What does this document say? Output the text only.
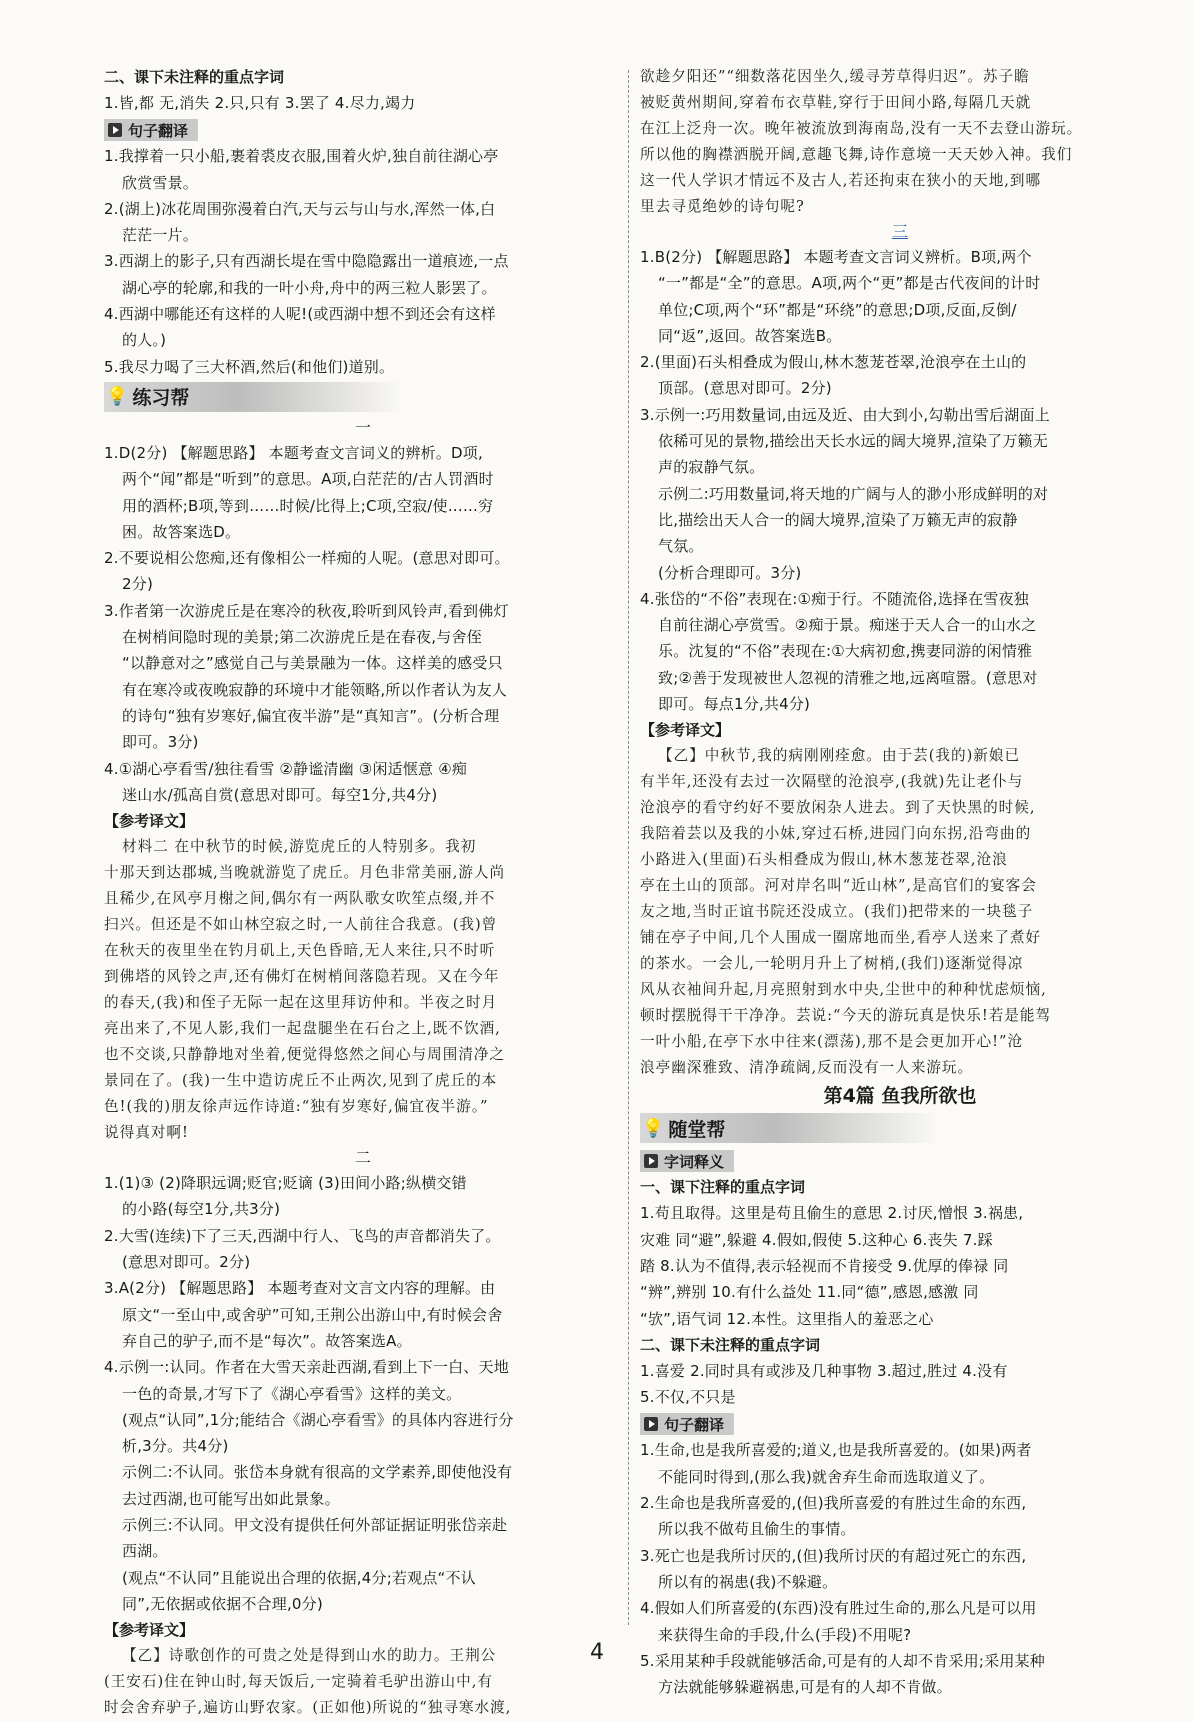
二、课下未注释的重点字词
1.皆,都 无,消失 2.只,只有 3.罢了 4.尽力,竭力
句子翻译
1.我撑着一只小船,裹着裘皮衣服,围着火炉,独自前往湖心亭
欣赏雪景。
2.(湖上)冰花周围弥漫着白汽,天与云与山与水,浑然一体,白
茫茫一片。
3.西湖上的影子,只有西湖长堤在雪中隐隐露出一道痕迹,一点
湖心亭的轮廓,和我的一叶小舟,舟中的两三粒人影罢了。
4.西湖中哪能还有这样的人呢!(或西湖中想不到还会有这样
的人。)
5.我尽力喝了三大杯酒,然后(和他们)道别。
💡 练习帮
一
1.D(2分) 【解题思路】 本题考查文言词义的辨析。D项,
两个“闻”都是“听到”的意思。A项,白茫茫的/古人罚酒时
用的酒杯;B项,等到……时候/比得上;C项,空寂/使……穷
困。故答案选D。
2.不要说相公您痴,还有像相公一样痴的人呢。(意思对即可。
2分)
3.作者第一次游虎丘是在寒冷的秋夜,聆听到风铃声,看到佛灯
在树梢间隐时现的美景;第二次游虎丘是在春夜,与舍侄
“以静意对之”感觉自己与美景融为一体。这样美的感受只
有在寒冷或夜晚寂静的环境中才能领略,所以作者认为友人
的诗句“独有岁寒好,偏宜夜半游”是“真知言”。(分析合理
即可。3分)
4.①湖心亭看雪/独往看雪 ②静谧清幽 ③闲适惬意 ④痴
迷山水/孤高自赏(意思对即可。每空1分,共4分)
【参考译文】
材料二 在中秋节的时候,游览虎丘的人特别多。我初
十那天到达郡城,当晚就游览了虎丘。月色非常美丽,游人尚
且稀少,在风亭月榭之间,偶尔有一两队歌女吹笙点缀,并不
扫兴。但还是不如山林空寂之时,一人前往合我意。(我)曾
在秋天的夜里坐在钓月矶上,天色昏暗,无人来往,只不时听
到佛塔的风铃之声,还有佛灯在树梢间落隐若现。又在今年
的春天,(我)和侄子无际一起在这里拜访仲和。半夜之时月
亮出来了,不见人影,我们一起盘腿坐在石台之上,既不饮酒,
也不交谈,只静静地对坐着,便觉得悠然之间心与周围清净之
景同在了。(我)一生中造访虎丘不止两次,见到了虎丘的本
色!(我的)朋友徐声远作诗道:“独有岁寒好,偏宜夜半游。”
说得真对啊!
二
1.(1)③ (2)降职远调;贬官;贬谪 (3)田间小路;纵横交错
的小路(每空1分,共3分)
2.大雪(连续)下了三天,西湖中行人、飞鸟的声音都消失了。
(意思对即可。2分)
3.A(2分) 【解题思路】 本题考查对文言文内容的理解。由
原文“一至山中,或舍驴”可知,王荆公出游山中,有时候会舍
弃自己的驴子,而不是“每次”。故答案选A。
4.示例一:认同。作者在大雪天亲赴西湖,看到上下一白、天地
一色的奇景,才写下了《湖心亭看雪》这样的美文。
(观点“认同”,1分;能结合《湖心亭看雪》的具体内容进行分
析,3分。共4分)
示例二:不认同。张岱本身就有很高的文学素养,即使他没有
去过西湖,也可能写出如此景象。
示例三:不认同。甲文没有提供任何外部证据证明张岱亲赴
西湖。
(观点“不认同”且能说出合理的依据,4分;若观点“不认
同”,无依据或依据不合理,0分)
【参考译文】
【乙】诗歌创作的可贵之处是得到山水的助力。王荆公
(王安石)住在钟山时,每天饭后,一定骑着毛驴出游山中,有
时会舍弃驴子,遍访山野农家。(正如他)所说的“独寻寒水渡,
欲趁夕阳还”“细数落花因坐久,缓寻芳草得归迟”。苏子瞻
被贬黄州期间,穿着布衣草鞋,穿行于田间小路,每隔几天就
在江上泛舟一次。晚年被流放到海南岛,没有一天不去登山游玩。
所以他的胸襟洒脱开阔,意趣飞舞,诗作意境一天天妙入神。我们
这一代人学识才情远不及古人,若还拘束在狭小的天地,到哪
里去寻觅绝妙的诗句呢?
三
1.B(2分) 【解题思路】 本题考查文言词义辨析。B项,两个
“一”都是“全”的意思。A项,两个“更”都是古代夜间的计时
单位;C项,两个“环”都是“环绕”的意思;D项,反面,反倒/
同“返”,返回。故答案选B。
2.(里面)石头相叠成为假山,林木葱茏苍翠,沧浪亭在土山的
顶部。(意思对即可。2分)
3.示例一:巧用数量词,由远及近、由大到小,勾勒出雪后湖面上
依稀可见的景物,描绘出天长水远的阔大境界,渲染了万籁无
声的寂静气氛。
示例二:巧用数量词,将天地的广阔与人的渺小形成鲜明的对
比,描绘出天人合一的阔大境界,渲染了万籁无声的寂静
气氛。
(分析合理即可。3分)
4.张岱的“不俗”表现在:①痴于行。不随流俗,选择在雪夜独
自前往湖心亭赏雪。②痴于景。痴迷于天人合一的山水之
乐。沈复的“不俗”表现在:①大病初愈,携妻同游的闲情雅
致;②善于发现被世人忽视的清雅之地,远离喧嚣。(意思对
即可。每点1分,共4分)
【参考译文】
【乙】中秋节,我的病刚刚痊愈。由于芸(我的)新娘已
有半年,还没有去过一次隔壁的沧浪亭,(我就)先让老仆与
沧浪亭的看守约好不要放闲杂人进去。到了天快黑的时候,
我陪着芸以及我的小妹,穿过石桥,进园门向东拐,沿弯曲的
小路进入(里面)石头相叠成为假山,林木葱茏苍翠,沧浪
亭在土山的顶部。河对岸名叫“近山林”,是高官们的宴客会
友之地,当时正谊书院还没成立。(我们)把带来的一块毯子
铺在亭子中间,几个人围成一圈席地而坐,看亭人送来了煮好
的茶水。一会儿,一轮明月升上了树梢,(我们)逐渐觉得凉
风从衣袖间升起,月亮照射到水中央,尘世中的种种忧虑烦恼,
顿时摆脱得干干净净。芸说:“今天的游玩真是快乐!若是能驾
一叶小船,在亭下水中往来(漂荡),那不是会更加开心!”沧
浪亭幽深雅致、清净疏阔,反而没有一人来游玩。
第4篇 鱼我所欲也
💡 随堂帮
字词释义
一、课下注释的重点字词
1.苟且取得。这里是苟且偷生的意思 2.讨厌,憎恨 3.祸患,
灾难 同“避”,躲避 4.假如,假使 5.这种心 6.丧失 7.踩
踏 8.认为不值得,表示轻视而不肯接受 9.优厚的俸禄 同
“辨”,辨别 10.有什么益处 11.同“德”,感恩,感激 同
“欤”,语气词 12.本性。这里指人的羞恶之心
二、课下未注释的重点字词
1.喜爱 2.同时具有或涉及几种事物 3.超过,胜过 4.没有
5.不仅,不只是
句子翻译
1.生命,也是我所喜爱的;道义,也是我所喜爱的。(如果)两者
不能同时得到,(那么我)就舍弃生命而选取道义了。
2.生命也是我所喜爱的,(但)我所喜爱的有胜过生命的东西,
所以我不做苟且偷生的事情。
3.死亡也是我所讨厌的,(但)我所讨厌的有超过死亡的东西,
所以有的祸患(我)不躲避。
4.假如人们所喜爱的(东西)没有胜过生命的,那么凡是可以用
来获得生命的手段,什么(手段)不用呢?
5.采用某种手段就能够活命,可是有的人却不肯采用;采用某种
方法就能够躲避祸患,可是有的人却不肯做。
4
